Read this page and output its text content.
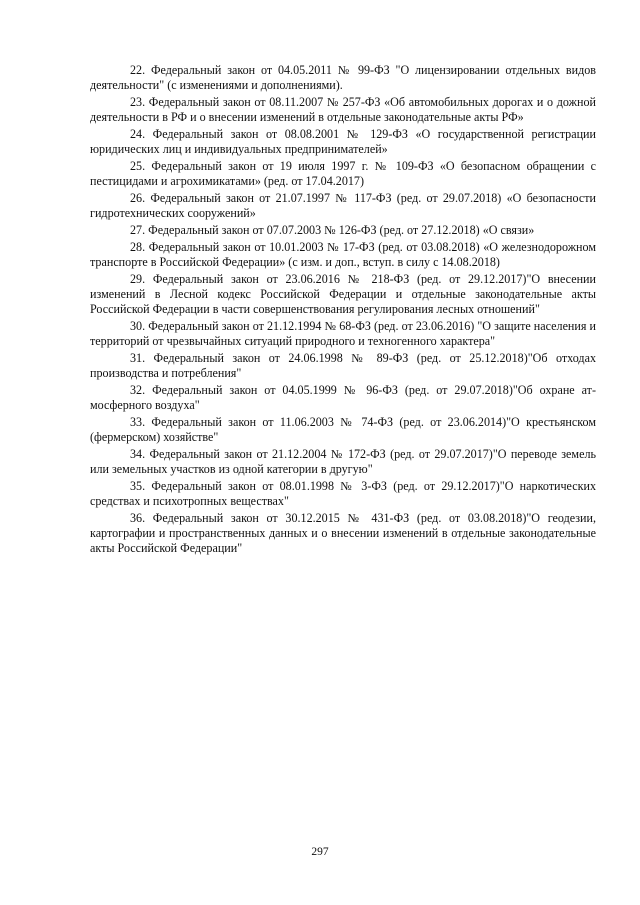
22. Федеральный закон от 04.05.2011 № 99-ФЗ "О лицензировании отдельных видов деятельности" (с изменениями и дополнениями).

23. Федеральный закон от 08.11.2007 № 257-ФЗ «Об автомобильных дорогах и о дожной деятельности в РФ и о внесении изменений в отдельные законодательные акты РФ»

24. Федеральный закон от 08.08.2001 № 129-ФЗ «О государственной регистрации юридических лиц и индивидуальных предпринимателей»

25. Федеральный закон от 19 июля 1997 г. № 109-ФЗ «О безопасном обращении с пестицидами и агрохимикатами» (ред. от 17.04.2017)

26. Федеральный закон от 21.07.1997 № 117-ФЗ (ред. от 29.07.2018) «О безопасности гидротехнических сооружений»

27. Федеральный закон от 07.07.2003 № 126-ФЗ (ред. от 27.12.2018) «О связи»

28. Федеральный закон от 10.01.2003 № 17-ФЗ (ред. от 03.08.2018) «О железнодорожном транспорте в Российской Федерации» (с изм. и доп., вступ. в силу с 14.08.2018)

29. Федеральный закон от 23.06.2016 № 218-ФЗ (ред. от 29.12.2017)"О внесении изменений в Лесной кодекс Российской Федерации и отдельные законодательные акты Российской Федерации в части совершенствования регулирования лесных отношений"

30. Федеральный закон от 21.12.1994 № 68-ФЗ (ред. от 23.06.2016) "О защите населения и территорий от чрезвычайных ситуаций природного и техногенного характера"

31. Федеральный закон от 24.06.1998 № 89-ФЗ (ред. от 25.12.2018)"Об отходах производства и потребления"

32. Федеральный закон от 04.05.1999 № 96-ФЗ (ред. от 29.07.2018)"Об охране атмосферного воздуха"

33. Федеральный закон от 11.06.2003 № 74-ФЗ (ред. от 23.06.2014)"О крестьянском (фермерском) хозяйстве"

34. Федеральный закон от 21.12.2004 № 172-ФЗ (ред. от 29.07.2017)"О переводе земель или земельных участков из одной категории в другую"

35. Федеральный закон от 08.01.1998 № 3-ФЗ (ред. от 29.12.2017)"О наркотических средствах и психотропных веществах"

36. Федеральный закон от 30.12.2015 № 431-ФЗ (ред. от 03.08.2018)"О геодезии, картографии и пространственных данных и о внесении изменений в отдельные законодательные акты Российской Федерации"

297
